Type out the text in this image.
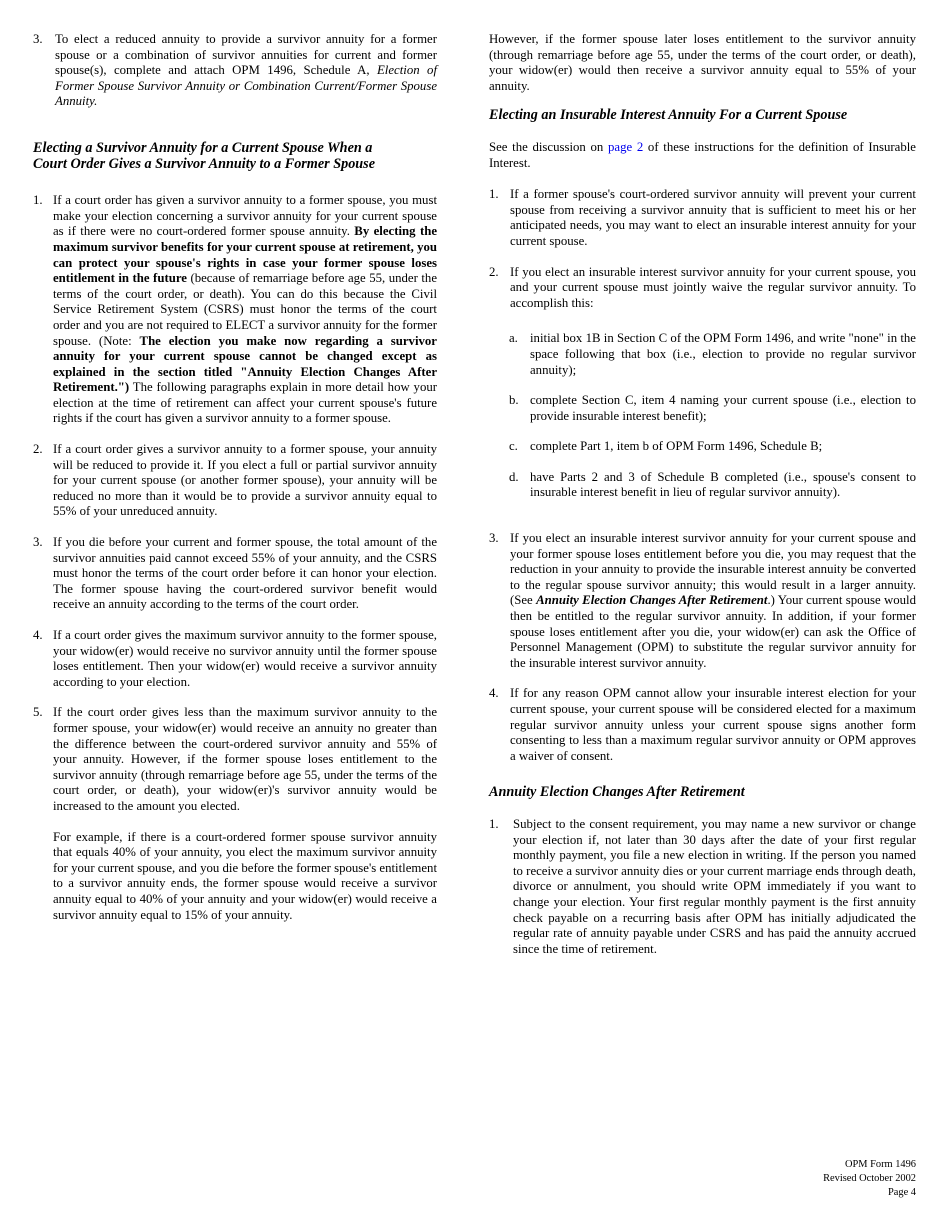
3. To elect a reduced annuity to provide a survivor annuity for a former spouse or a combination of survivor annuities for current and former spouse(s), complete and attach OPM 1496, Schedule A, Election of Former Spouse Survivor Annuity or Combination Current/Former Spouse Annuity.

Electing a Survivor Annuity for a Current Spouse When a
Court Order Gives a Survivor Annuity to a Former Spouse
1. If a court order has given a survivor annuity to a former spouse, you must make your election concerning a survivor annuity for your current spouse as if there were no court-ordered former spouse annuity. By electing the maximum survivor benefits for your current spouse at retirement, you can protect your spouse's rights in case your former spouse loses entitlement in the future (because of remarriage before age 55, under the terms of the court order, or death). You can do this because the Civil Service Retirement System (CSRS) must honor the terms of the court order and you are not required to ELECT a survivor annuity for the former spouse. (Note: The election you make now regarding a survivor annuity for your current spouse cannot be changed except as explained in the section titled "Annuity Election Changes After Retirement.") The following paragraphs explain in more detail how your election at the time of retirement can affect your current spouse's future rights if the court has given a survivor annuity to a former spouse.

2. If a court order gives a survivor annuity to a former spouse, your annuity will be reduced to provide it. If you elect a full or partial survivor annuity for your current spouse (or another former spouse), your annuity will be reduced no more than it would be to provide a survivor annuity equal to 55% of your unreduced annuity.

3. If you die before your current and former spouse, the total amount of the survivor annuities paid cannot exceed 55% of your annuity, and the CSRS must honor the terms of the court order before it can honor your election. The former spouse having the court-ordered survivor benefit would receive an annuity according to the terms of the court order.

4. If a court order gives the maximum survivor annuity to the former spouse, your widow(er) would receive no survivor annuity until the former spouse loses entitlement. Then your widow(er) would receive a survivor annuity according to your election.

5. If the court order gives less than the maximum survivor annuity to the former spouse, your widow(er) would receive an annuity no greater than the difference between the court-ordered survivor annuity and 55% of your annuity. However, if the former spouse loses entitlement to the survivor annuity (through remarriage before age 55, under the terms of the court order, or death), your widow(er)'s survivor annuity would be increased to the amount you elected.

For example, if there is a court-ordered former spouse survivor annuity that equals 40% of your annuity, you elect the maximum survivor annuity for your current spouse, and you die before the former spouse's entitlement to a survivor annuity ends, the former spouse would receive a survivor annuity equal to 40% of your annuity and your widow(er) would receive a survivor annuity equal to 15% of your annuity.

However, if the former spouse later loses entitlement to the survivor annuity (through remarriage before age 55, under the terms of the court order, or death), your widow(er) would then receive a survivor annuity equal to 55% of your annuity.

Electing an Insurable Interest Annuity For a Current Spouse

See the discussion on page 2 of these instructions for the definition of Insurable Interest.

1. If a former spouse's court-ordered survivor annuity will prevent your current spouse from receiving a survivor annuity that is sufficient to meet his or her anticipated needs, you may want to elect an insurable interest annuity for your current spouse.

2. If you elect an insurable interest survivor annuity for your current spouse, you and your current spouse must jointly waive the regular survivor annuity. To accomplish this:

a. initial box 1B in Section C of the OPM Form 1496, and write "none" in the space following that box (i.e., election to provide no regular survivor annuity);

b. complete Section C, item 4 naming your current spouse (i.e., election to provide insurable interest benefit);

c. complete Part 1, item b of OPM Form 1496, Schedule B;

d. have Parts 2 and 3 of Schedule B completed (i.e., spouse's consent to insurable interest benefit in lieu of regular survivor annuity).

3. If you elect an insurable interest survivor annuity for your current spouse and your former spouse loses entitlement before you die, you may request that the reduction in your annuity to provide the insurable interest annuity be converted to the regular spouse survivor annuity; this would result in a larger annuity. (See Annuity Election Changes After Retirement.) Your current spouse would then be entitled to the regular survivor annuity. In addition, if your former spouse loses entitlement after you die, your widow(er) can ask the Office of Personnel Management (OPM) to substitute the regular survivor annuity for the insurable interest survivor annuity.

4. If for any reason OPM cannot allow your insurable interest election for your current spouse, your current spouse will be considered elected for a maximum regular survivor annuity unless your current spouse signs another form consenting to less than a maximum regular survivor annuity or OPM approves a waiver of consent.

Annuity Election Changes After Retirement
1. Subject to the consent requirement, you may name a new survivor or change your election if, not later than 30 days after the date of your first regular monthly payment, you file a new election in writing. If the person you named to receive a survivor annuity dies or your current marriage ends through death, divorce or annulment, you should write OPM immediately if you want to change your election. Your first regular monthly payment is the first annuity check payable on a recurring basis after OPM has initially adjudicated the regular rate of annuity payable under CSRS and has paid the annuity accrued since the time of retirement.

OPM Form 1496
Revised October 2002
Page 4
